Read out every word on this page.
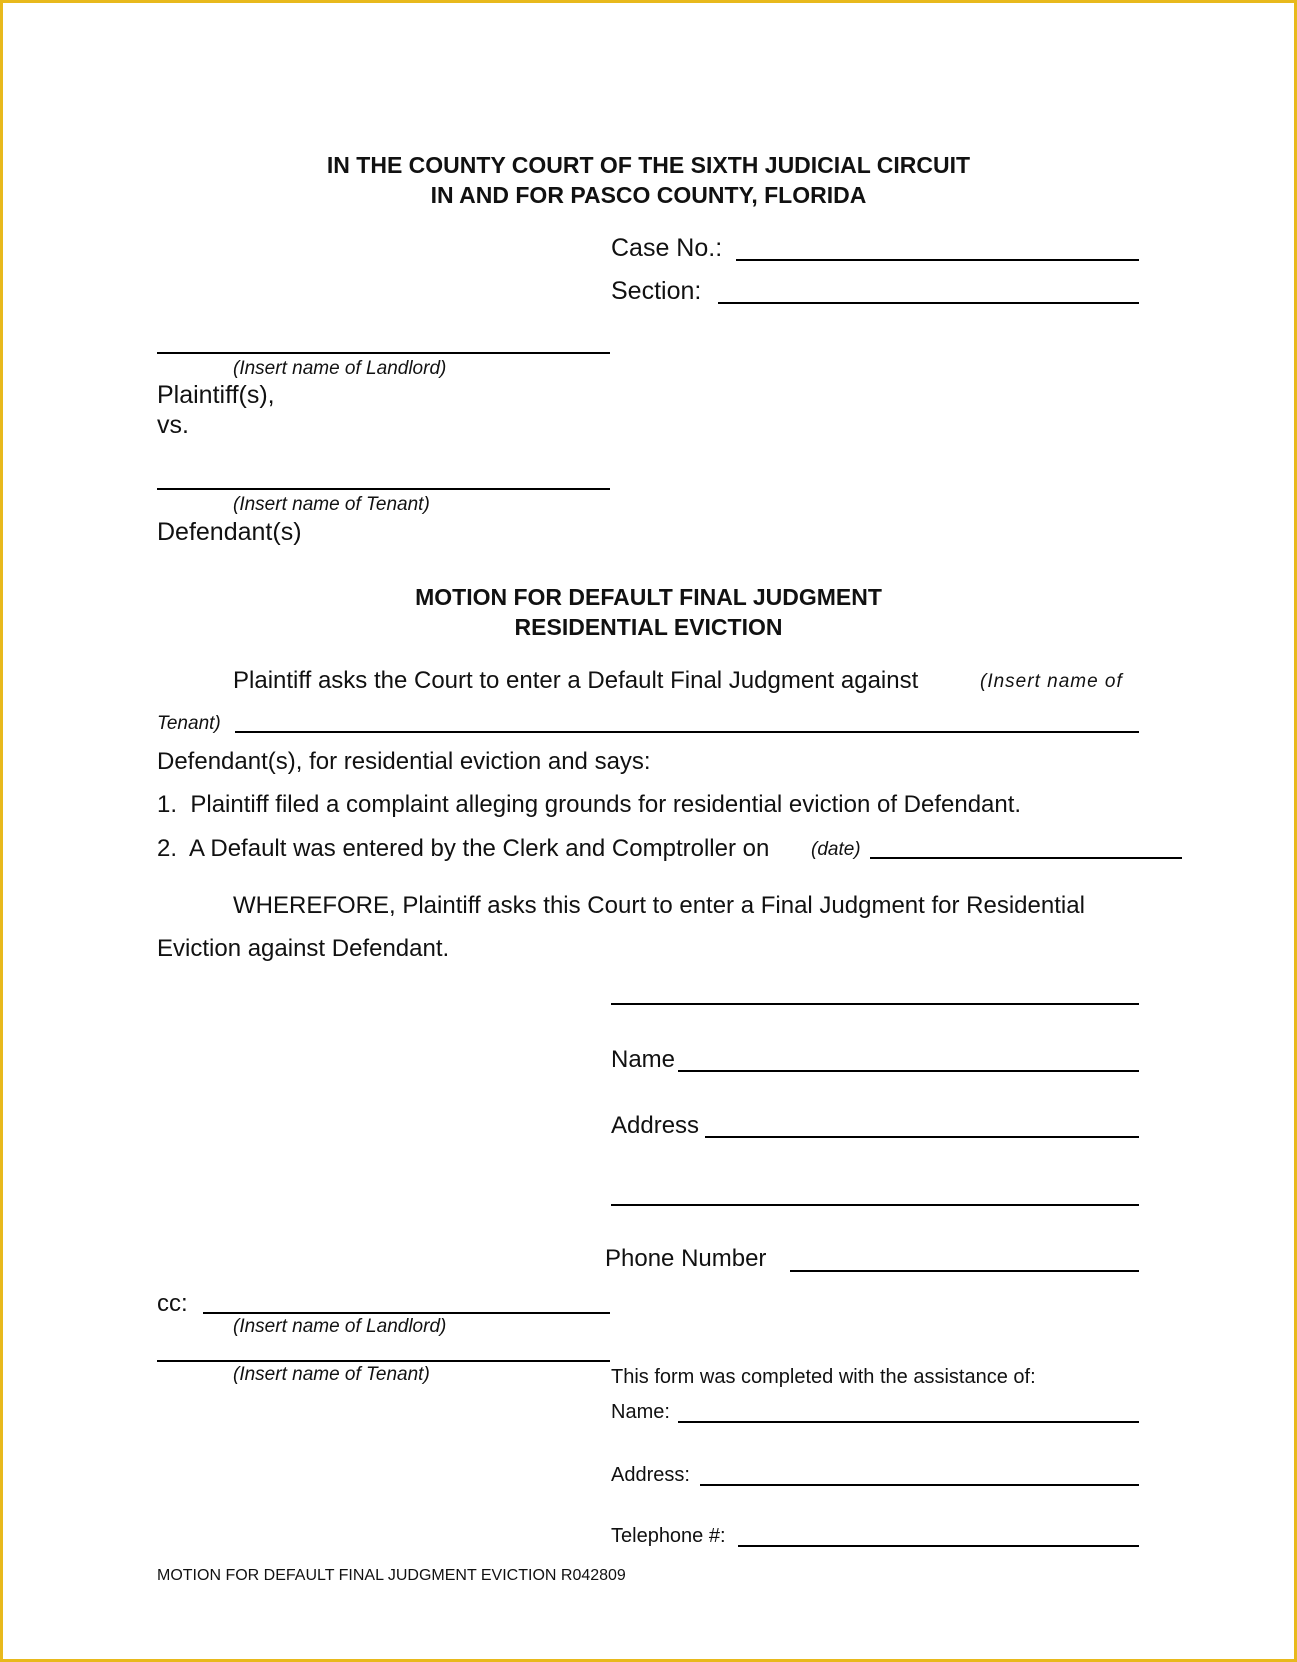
IN THE COUNTY COURT OF THE SIXTH JUDICIAL CIRCUIT
IN AND FOR PASCO COUNTY, FLORIDA
Case No.:
Section:
(Insert name of Landlord)
Plaintiff(s),
vs.
(Insert name of Tenant)
Defendant(s)
MOTION FOR DEFAULT FINAL JUDGMENT
RESIDENTIAL EVICTION
Plaintiff asks the Court to enter a Default Final Judgment against	(Insert name of
Tenant)
Defendant(s), for residential eviction and says:
1.  Plaintiff filed a complaint alleging grounds for residential eviction of Defendant.
2.  A Default was entered by the Clerk and Comptroller on (date)
WHEREFORE, Plaintiff asks this Court to enter a Final Judgment for Residential
Eviction against Defendant.
Name
Address
Phone Number
cc:
(Insert name of Landlord)
(Insert name of Tenant)	This form was completed with the assistance of:
Name:
Address:
Telephone #:
MOTION FOR DEFAULT FINAL JUDGMENT EVICTION R042809
